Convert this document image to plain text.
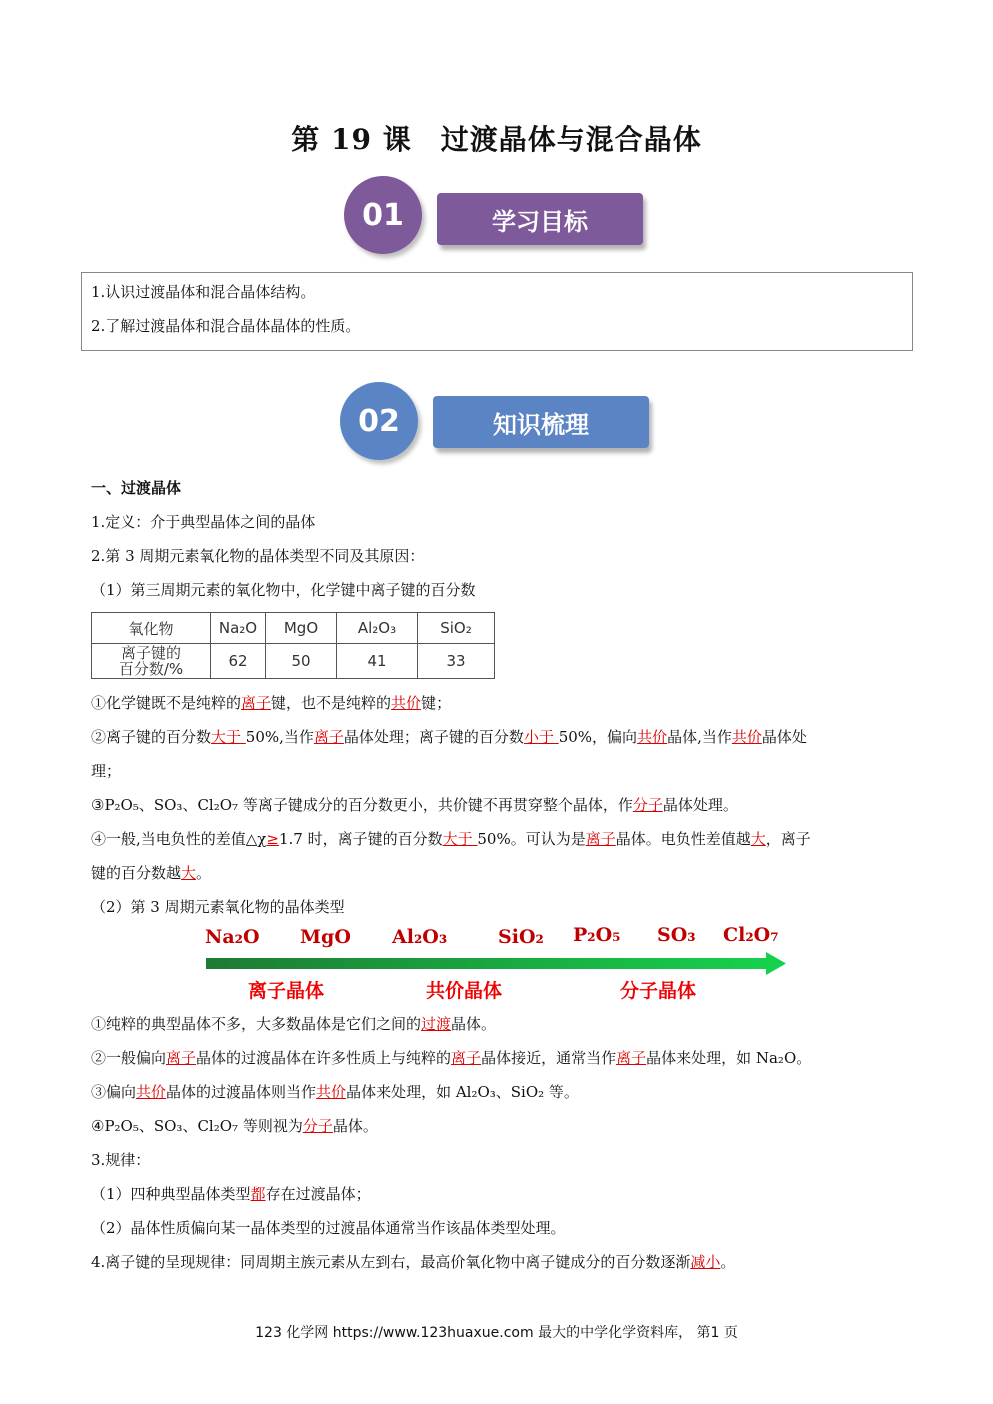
第 19 课　过渡晶体与混合晶体
学习目标
01
1.认识过渡晶体和混合晶体结构。
2.了解过渡晶体和混合晶体晶体的性质。
知识梳理
02
一、过渡晶体
1.定义：介于典型晶体之间的晶体
2.第 3 周期元素氧化物的晶体类型不同及其原因：
（1）第三周期元素的氧化物中，化学键中离子键的百分数
氧化物	Na₂O	MgO	Al₂O₃	SiO₂

离子键的
百分数/%	62	50	41	33
①化学键既不是纯粹的离子键，也不是纯粹的共价键；
②离子键的百分数大于 50%,当作离子晶体处理；离子键的百分数小于 50%，偏向共价晶体,当作共价晶体处
理；
③P₂O₅、SO₃、Cl₂O₇ 等离子键成分的百分数更小，共价键不再贯穿整个晶体，作分子晶体处理。
④一般,当电负性的差值△χ≥1.7 时，离子键的百分数大于 50%。可认为是离子晶体。电负性差值越大，离子
键的百分数越大。
（2）第 3 周期元素氧化物的晶体类型
Na₂O MgO Al₂O₃	SiO₂ P₂O₅ SO₃ Cl₂O₇
离子晶体	共价晶体	分子晶体
①纯粹的典型晶体不多，大多数晶体是它们之间的过渡晶体。
②一般偏向离子晶体的过渡晶体在许多性质上与纯粹的离子晶体接近，通常当作离子晶体来处理，如 Na₂O。
③偏向共价晶体的过渡晶体则当作共价晶体来处理，如 Al₂O₃、SiO₂ 等。
④P₂O₅、SO₃、Cl₂O₇ 等则视为分子晶体。
3.规律：
（1）四种典型晶体类型都存在过渡晶体；
（2）晶体性质偏向某一晶体类型的过渡晶体通常当作该晶体类型处理。
4.离子键的呈现规律：同周期主族元素从左到右，最高价氧化物中离子键成分的百分数逐渐减小。
123 化学网 https://www.123huaxue.com 最大的中学化学资料库， 第1 页
